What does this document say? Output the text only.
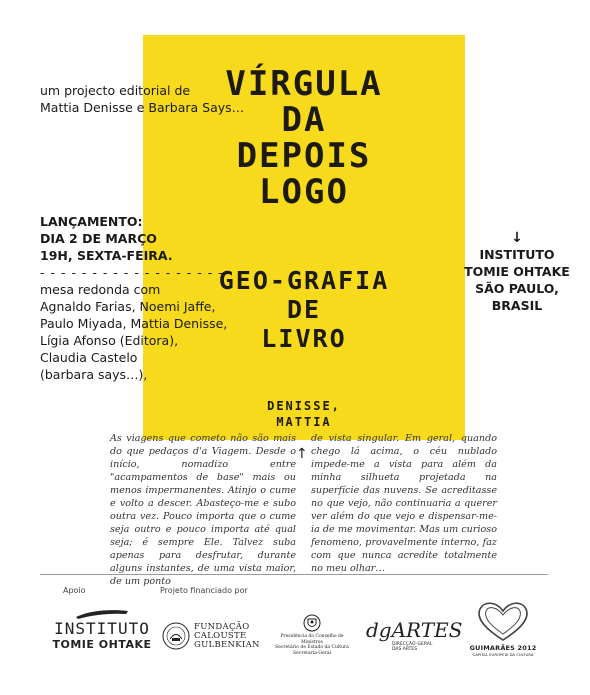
VÍRGULA
DA
DEPOIS
LOGO
GEO-GRAFIA
DE
LIVRO
DENISSE,
MATTIA
↑
um projecto editorial de
Mattia Denisse e Barbara Says…
LANÇAMENTO:
DIA 2 DE MARÇO
19H, SEXTA-FEIRA.
- - - - - - - - - - - - - - - - - -
mesa redonda com
Agnaldo Farias, Noemi Jaffe,
Paulo Miyada, Mattia Denisse,
Lígia Afonso (Editora),
Claudia Castelo
(barbara says…),
↓
INSTITUTO
TOMIE OHTAKE
SÃO PAULO,
BRASIL
As viagens que cometo não são mais do que pedaços d'a Viagem. Desde o início, nomadizo entre "acampamentos de base" mais ou menos impermanentes. Atinjo o cume e volto a descer. Abasteço-me e subo outra vez. Pouco importa que o cume seja outro e pouco importa até qual seja; é sempre Ele. Talvez suba apenas para desfrutar, durante alguns instantes, de uma vista maior, de um ponto
de vista singular. Em geral, quando chego lá acima, o céu nublado impede-me a vista para além da minha silhueta projetada na superfície das nuvens. Se acreditasse no que vejo, não continuaria a querer ver além do que vejo e dispensar-me-ia de me movimentar. Mas um curioso fenomeno, provavelmente interno, faz com que nunca acredite totalmente no meu olhar…
Apoio	Projeto financiado por
INSTITUTO
TOMIE OHTAKE
FUNDAÇÃO
CALOUSTE
GULBENKIAN
Presidência do Conselho de Ministros
Secretário de Estado da Cultura
Secretaria-Geral
dgARTES
DIRECÇÃO-GERAL
DAS ARTES	GUIMARÃES 2012
CAPITAL EUROPEIA DA CULTURA
